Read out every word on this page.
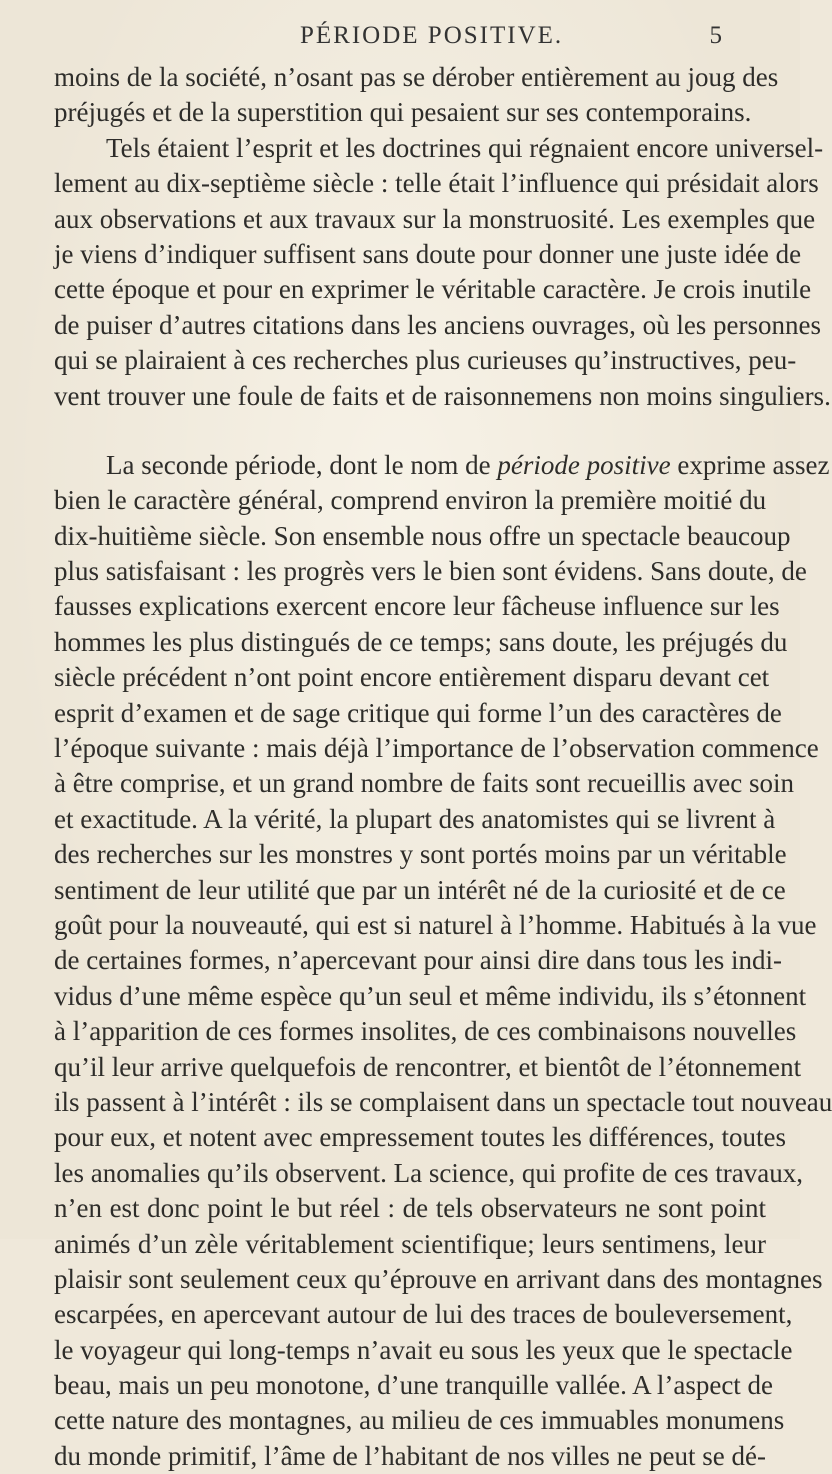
PÉRIODE POSITIVE.	5
moins de la société, n’osant pas se dérober entièrement au joug des
préjugés et de la superstition qui pesaient sur ses contemporains.
Tels étaient l’esprit et les doctrines qui régnaient encore universel-
lement au dix-septième siècle : telle était l’influence qui présidait alors
aux observations et aux travaux sur la monstruosité. Les exemples que
je viens d’indiquer suffisent sans doute pour donner une juste idée de
cette époque et pour en exprimer le véritable caractère. Je crois inutile
de puiser d’autres citations dans les anciens ouvrages, où les personnes
qui se plairaient à ces recherches plus curieuses qu’instructives, peu-
vent trouver une foule de faits et de raisonnemens non moins singuliers.
La seconde période, dont le nom de période positive exprime assez
bien le caractère général, comprend environ la première moitié du
dix-huitième siècle. Son ensemble nous offre un spectacle beaucoup
plus satisfaisant : les progrès vers le bien sont évidens. Sans doute, de
fausses explications exercent encore leur fâcheuse influence sur les
hommes les plus distingués de ce temps; sans doute, les préjugés du
siècle précédent n’ont point encore entièrement disparu devant cet
esprit d’examen et de sage critique qui forme l’un des caractères de
l’époque suivante : mais déjà l’importance de l’observation commence
à être comprise, et un grand nombre de faits sont recueillis avec soin
et exactitude. A la vérité, la plupart des anatomistes qui se livrent à
des recherches sur les monstres y sont portés moins par un véritable
sentiment de leur utilité que par un intérêt né de la curiosité et de ce
goût pour la nouveauté, qui est si naturel à l’homme. Habitués à la vue
de certaines formes, n’apercevant pour ainsi dire dans tous les indi-
vidus d’une même espèce qu’un seul et même individu, ils s’étonnent
à l’apparition de ces formes insolites, de ces combinaisons nouvelles
qu’il leur arrive quelquefois de rencontrer, et bientôt de l’étonnement
ils passent à l’intérêt : ils se complaisent dans un spectacle tout nouveau
pour eux, et notent avec empressement toutes les différences, toutes
les anomalies qu’ils observent. La science, qui profite de ces travaux,
n’en est donc point le but réel : de tels observateurs ne sont point
animés d’un zèle véritablement scientifique; leurs sentimens, leur
plaisir sont seulement ceux qu’éprouve en arrivant dans des montagnes
escarpées, en apercevant autour de lui des traces de bouleversement,
le voyageur qui long-temps n’avait eu sous les yeux que le spectacle
beau, mais un peu monotone, d’une tranquille vallée. A l’aspect de
cette nature des montagnes, au milieu de ces immuables monumens
du monde primitif, l’âme de l’habitant de nos villes ne peut se dé-
